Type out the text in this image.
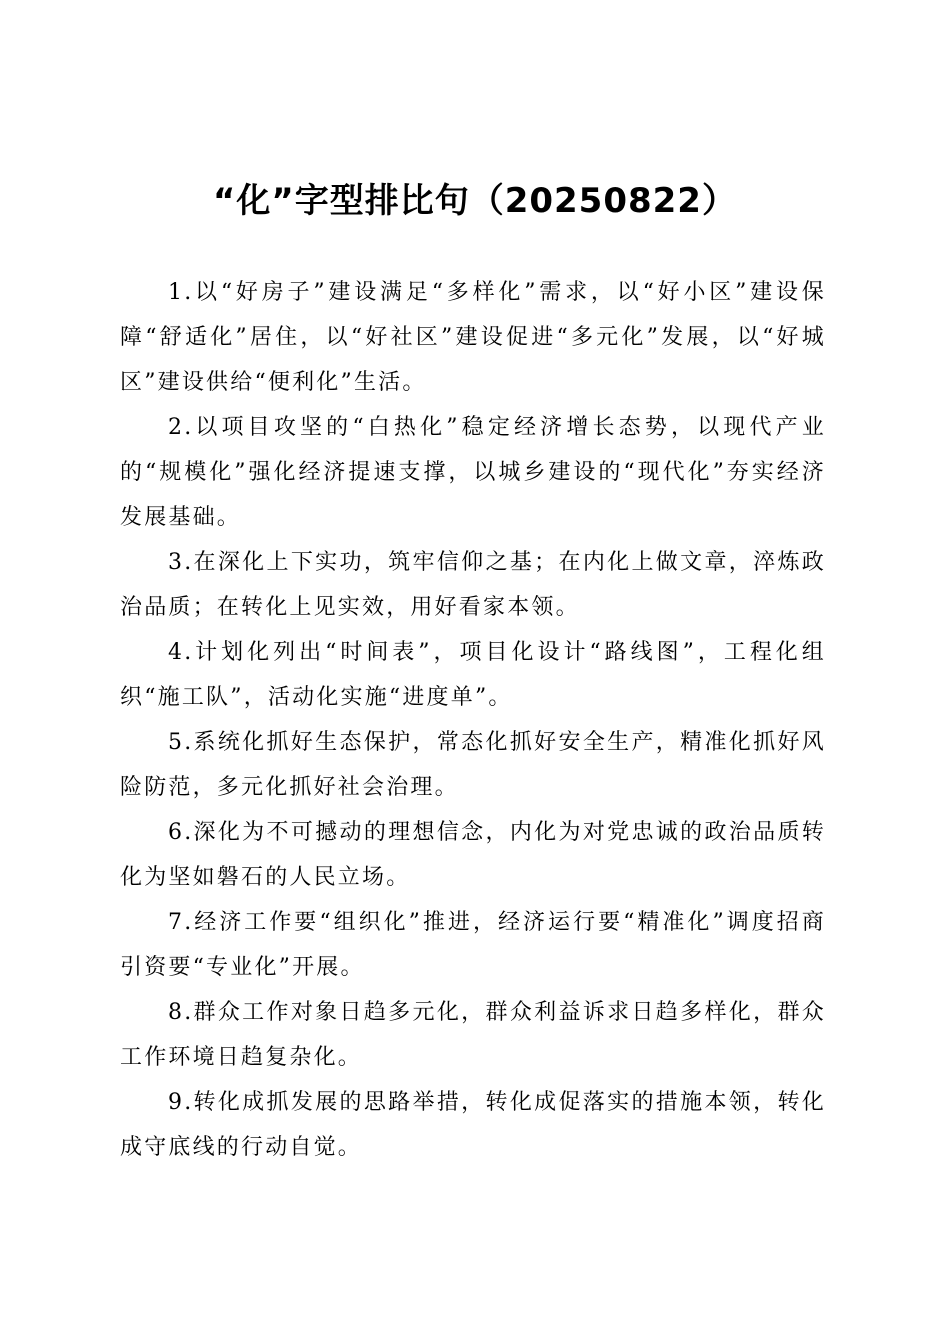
“化”字型排比句（20250822）

1.以“好房子”建设满足“多样化”需求，以“好小区”建设保障“舒适化”居住，以“好社区”建设促进“多元化”发展，以“好城区”建设供给“便利化”生活。

2.以项目攻坚的“白热化”稳定经济增长态势，以现代产业的“规模化”强化经济提速支撑，以城乡建设的“现代化”夯实经济发展基础。

3.在深化上下实功，筑牢信仰之基；在内化上做文章，淬炼政治品质；在转化上见实效，用好看家本领。

4.计划化列出“时间表”，项目化设计“路线图”，工程化组织“施工队”，活动化实施“进度单”。

5.系统化抓好生态保护，常态化抓好安全生产，精准化抓好风险防范，多元化抓好社会治理。

6.深化为不可撼动的理想信念，内化为对党忠诚的政治品质转化为坚如磐石的人民立场。

7.经济工作要“组织化”推进，经济运行要“精准化”调度招商引资要“专业化”开展。

8.群众工作对象日趋多元化，群众利益诉求日趋多样化，群众工作环境日趋复杂化。

9.转化成抓发展的思路举措，转化成促落实的措施本领，转化成守底线的行动自觉。
